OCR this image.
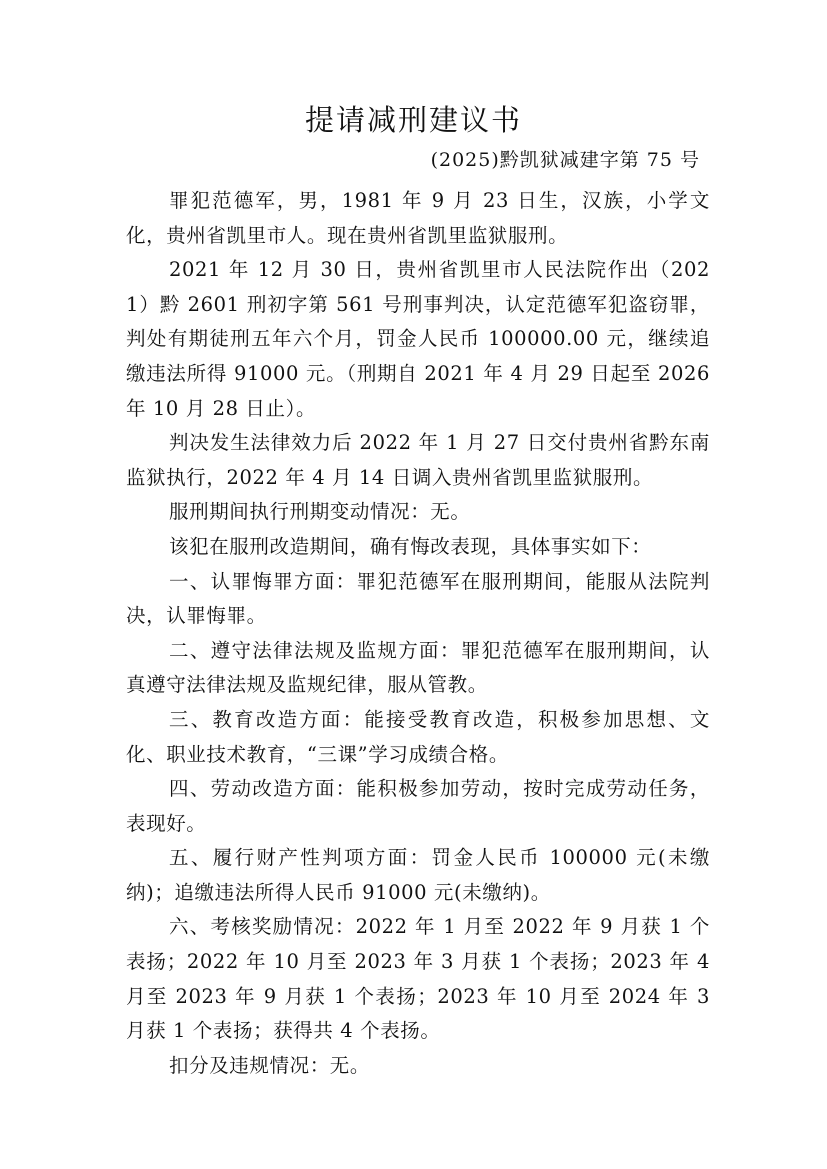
提请减刑建议书
(2025)黔凯狱减建字第 75 号

罪犯范德军，男，1981 年 9 月 23 日生，汉族，小学文化，贵州省凯里市人。现在贵州省凯里监狱服刑。

2021 年 12 月 30 日，贵州省凯里市人民法院作出（2021）黔 2601 刑初字第 561 号刑事判决，认定范德军犯盗窃罪，判处有期徒刑五年六个月，罚金人民币 100000.00 元，继续追缴违法所得 91000 元。（刑期自 2021 年 4 月 29 日起至 2026 年 10 月 28 日止）。

判决发生法律效力后 2022 年 1 月 27 日交付贵州省黔东南监狱执行，2022 年 4 月 14 日调入贵州省凯里监狱服刑。

服刑期间执行刑期变动情况：无。

该犯在服刑改造期间，确有悔改表现，具体事实如下：

一、认罪悔罪方面：罪犯范德军在服刑期间，能服从法院判决，认罪悔罪。

二、遵守法律法规及监规方面：罪犯范德军在服刑期间，认真遵守法律法规及监规纪律，服从管教。

三、教育改造方面：能接受教育改造，积极参加思想、文化、职业技术教育，“三课”学习成绩合格。

四、劳动改造方面：能积极参加劳动，按时完成劳动任务，表现好。

五、履行财产性判项方面：罚金人民币 100000 元(未缴纳)；追缴违法所得人民币 91000 元(未缴纳)。

六、考核奖励情况：2022 年 1 月至 2022 年 9 月获 1 个表扬；2022 年 10 月至 2023 年 3 月获 1 个表扬；2023 年 4 月至 2023 年 9 月获 1 个表扬；2023 年 10 月至 2024 年 3 月获 1 个表扬；获得共 4 个表扬。

扣分及违规情况：无。
